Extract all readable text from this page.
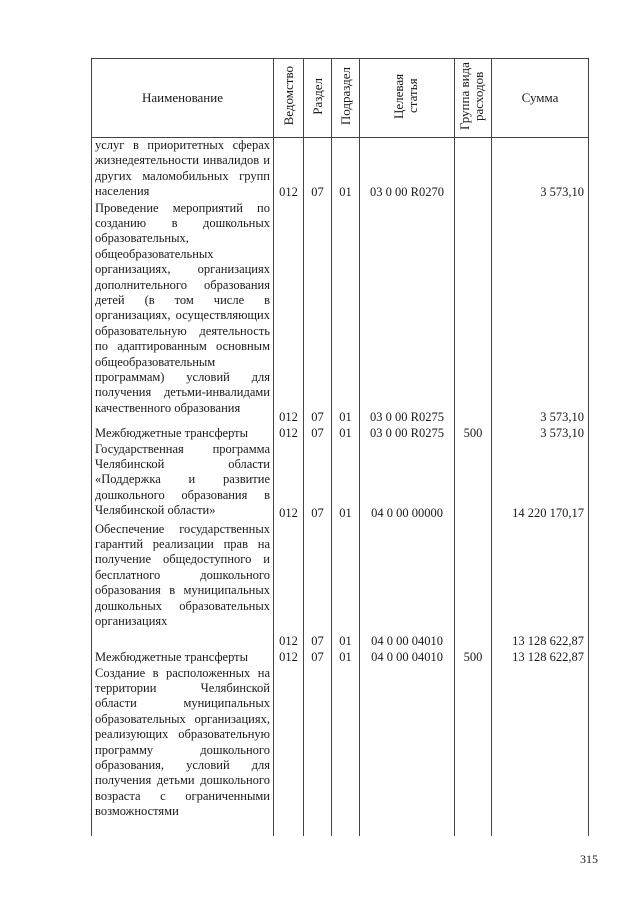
Наименование	Ведомство	Раздел	Подраздел	Целевая статья	Группа вида расходов	Сумма
услуг в приоритетных сферах жизнедеятельности инвалидов и других маломобильных групп населения	012	07	01	03 0 00 R0270		3 573,10
Проведение мероприятий по созданию в дошкольных образовательных, общеобразовательных организациях, организациях дополнительного образования детей (в том числе в организациях, осуществляющих образовательную деятельность по адаптированным основным общеобразовательным программам) условий для получения детьми-инвалидами качественного образования	012	07	01	03 0 00 R0275		3 573,10
Межбюджетные трансферты	012	07	01	03 0 00 R0275	500	3 573,10
Государственная программа Челябинской области «Поддержка и развитие дошкольного образования в Челябинской области»	012	07	01	04 0 00 00000		14 220 170,17
Обеспечение государственных гарантий реализации прав на получение общедоступного и бесплатного дошкольного образования в муниципальных дошкольных образовательных организациях	012	07	01	04 0 00 04010		13 128 622,87
Межбюджетные трансферты	012	07	01	04 0 00 04010	500	13 128 622,87
Создание в расположенных на территории Челябинской области муниципальных образовательных организациях, реализующих образовательную программу дошкольного образования, условий для получения детьми дошкольного возраста с ограниченными возможностями						
315
